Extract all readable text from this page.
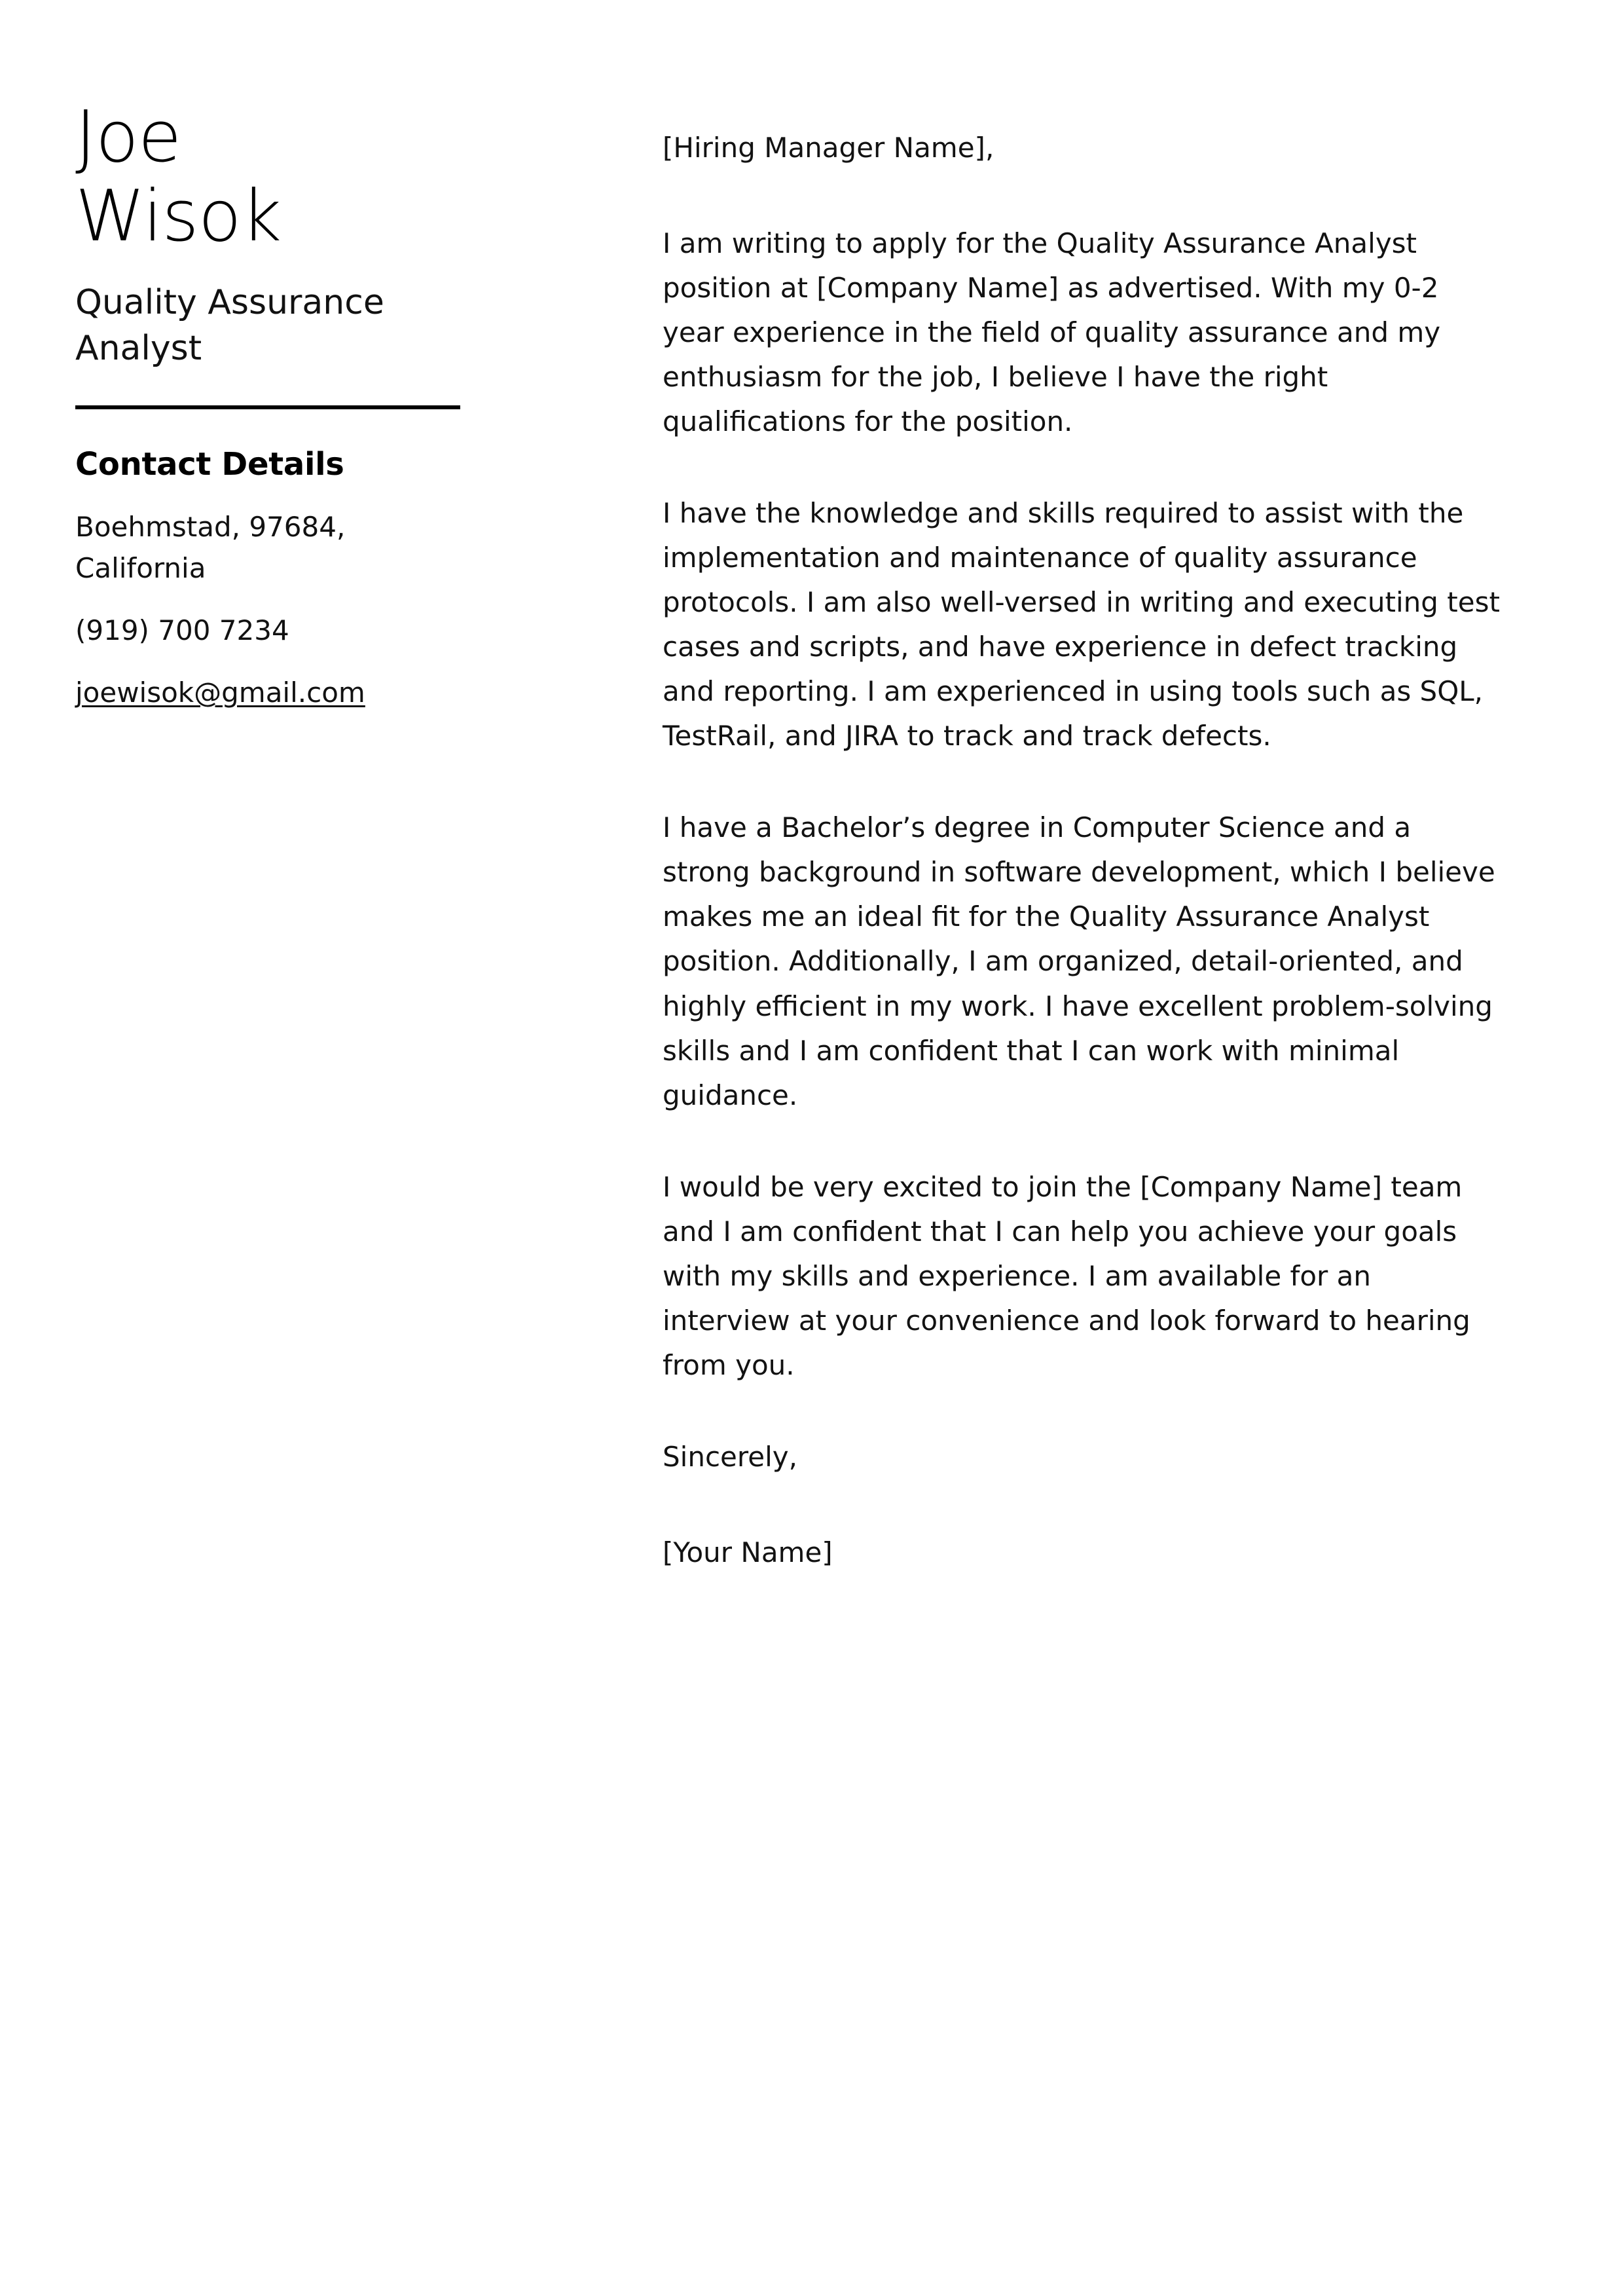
Joe
Wisok
Quality Assurance Analyst
Contact Details
Boehmstad, 97684,
California
(919) 700 7234
joewisok@gmail.com

[Hiring Manager Name],

I am writing to apply for the Quality Assurance Analyst position at [Company Name] as advertised. With my 0-2 year experience in the field of quality assurance and my enthusiasm for the job, I believe I have the right qualifications for the position.

I have the knowledge and skills required to assist with the implementation and maintenance of quality assurance protocols. I am also well-versed in writing and executing test cases and scripts, and have experience in defect tracking and reporting. I am experienced in using tools such as SQL, TestRail, and JIRA to track and track defects.

I have a Bachelor’s degree in Computer Science and a strong background in software development, which I believe makes me an ideal fit for the Quality Assurance Analyst position. Additionally, I am organized, detail-oriented, and highly efficient in my work. I have excellent problem-solving skills and I am confident that I can work with minimal guidance.

I would be very excited to join the [Company Name] team and I am confident that I can help you achieve your goals with my skills and experience. I am available for an interview at your convenience and look forward to hearing from you.

Sincerely,

[Your Name]
